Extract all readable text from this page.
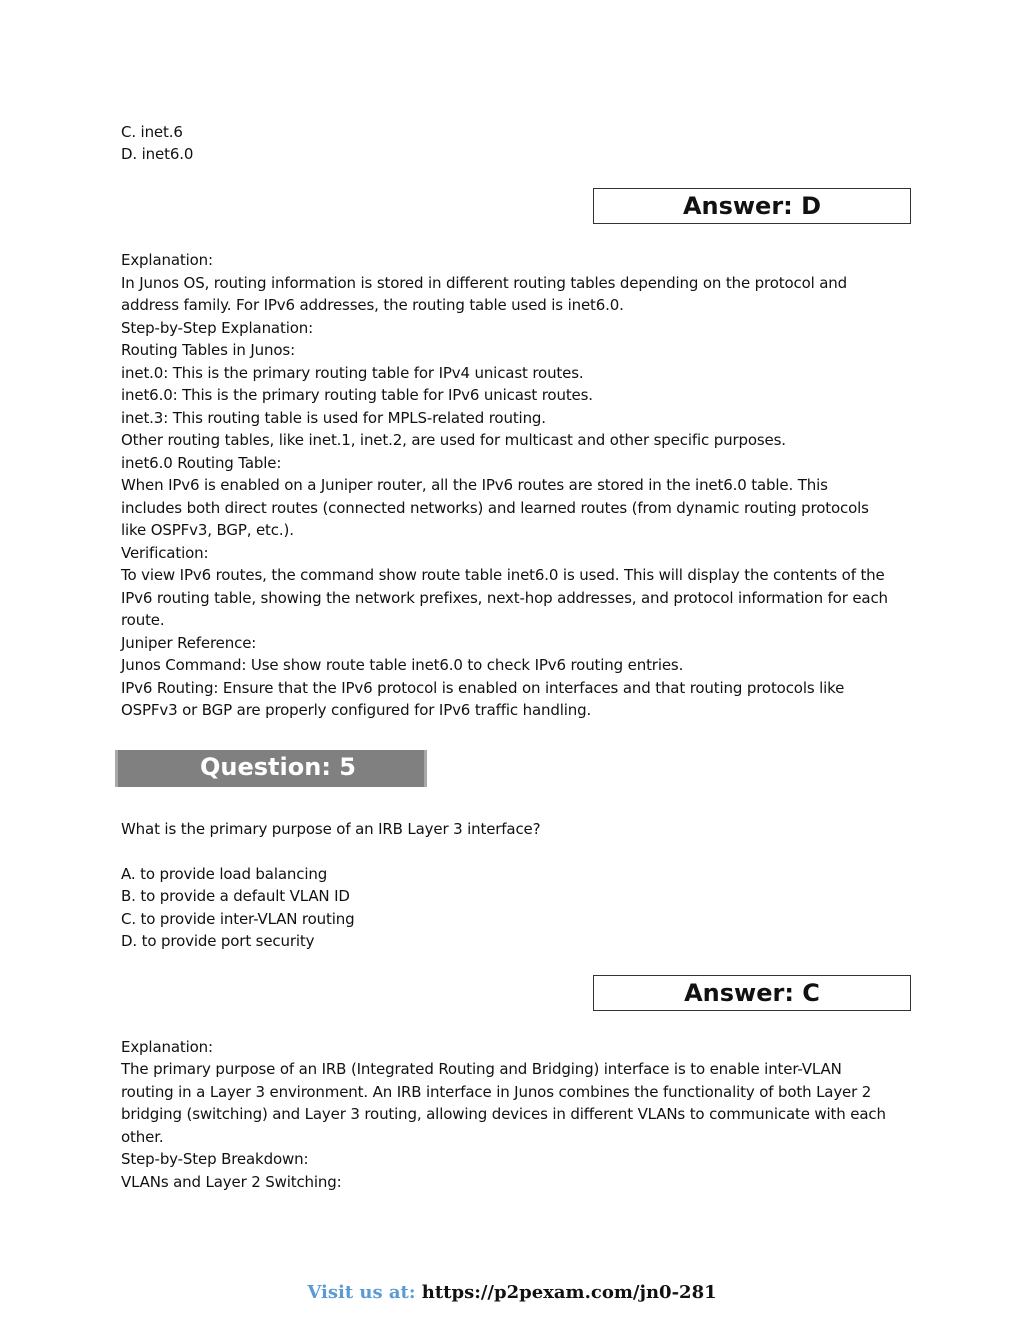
C. inet.6
D. inet6.0
Answer: D
Explanation:
In Junos OS, routing information is stored in different routing tables depending on the protocol and
address family. For IPv6 addresses, the routing table used is inet6.0.
Step-by-Step Explanation:
Routing Tables in Junos:
inet.0: This is the primary routing table for IPv4 unicast routes.
inet6.0: This is the primary routing table for IPv6 unicast routes.
inet.3: This routing table is used for MPLS-related routing.
Other routing tables, like inet.1, inet.2, are used for multicast and other specific purposes.
inet6.0 Routing Table:
When IPv6 is enabled on a Juniper router, all the IPv6 routes are stored in the inet6.0 table. This
includes both direct routes (connected networks) and learned routes (from dynamic routing protocols
like OSPFv3, BGP, etc.).
Verification:
To view IPv6 routes, the command show route table inet6.0 is used. This will display the contents of the
IPv6 routing table, showing the network prefixes, next-hop addresses, and protocol information for each
route.
Juniper Reference:
Junos Command: Use show route table inet6.0 to check IPv6 routing entries.
IPv6 Routing: Ensure that the IPv6 protocol is enabled on interfaces and that routing protocols like
OSPFv3 or BGP are properly configured for IPv6 traffic handling.
Question: 5
What is the primary purpose of an IRB Layer 3 interface?
A. to provide load balancing
B. to provide a default VLAN ID
C. to provide inter-VLAN routing
D. to provide port security
Answer: C
Explanation:
The primary purpose of an IRB (Integrated Routing and Bridging) interface is to enable inter-VLAN
routing in a Layer 3 environment. An IRB interface in Junos combines the functionality of both Layer 2
bridging (switching) and Layer 3 routing, allowing devices in different VLANs to communicate with each
other.
Step-by-Step Breakdown:
VLANs and Layer 2 Switching:
Visit us at: https://p2pexam.com/jn0-281
